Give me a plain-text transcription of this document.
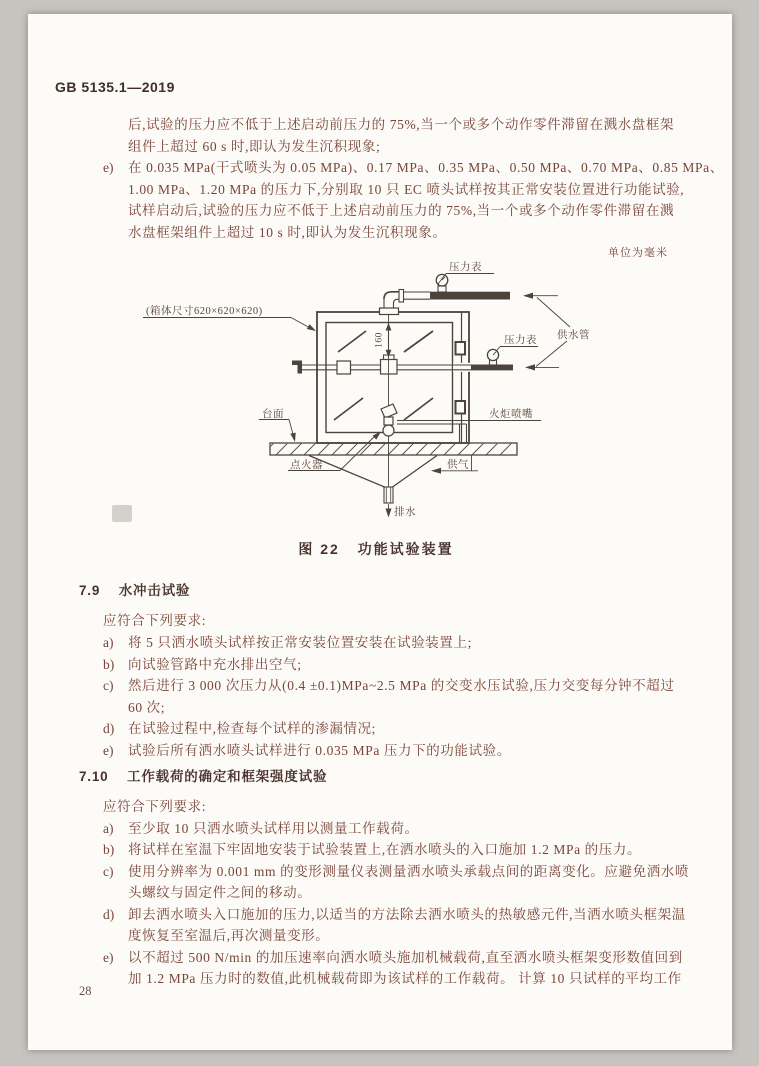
GB 5135.1—2019
后,试验的压力应不低于上述启动前压力的 75%,当一个或多个动作零件滞留在溅水盘框架
组件上超过 60 s 时,即认为发生沉积现象;
e) 在 0.035 MPa(干式喷头为 0.05 MPa)、0.17 MPa、0.35 MPa、0.50 MPa、0.70 MPa、0.85 MPa、
1.00 MPa、1.20 MPa 的压力下,分别取 10 只 EC 喷头试样按其正常安装位置进行功能试验,
试样启动后,试验的压力应不低于上述启动前压力的 75%,当一个或多个动作零件滞留在溅
水盘框架组件上超过 10 s 时,即认为发生沉积现象。
单位为毫米
160
压力表
压力表 供水管
(箱体尺寸620×620×620)
火炬喷嘴
供气
台面
点火器
排水
图 22 功能试验装置
7.9 水冲击试验
应符合下列要求:
a) 将 5 只洒水喷头试样按正常安装位置安装在试验装置上;
b) 向试验管路中充水排出空气;
c) 然后进行 3 000 次压力从(0.4 ±0.1)MPa~2.5 MPa 的交变水压试验,压力交变每分钟不超过
60 次;
d) 在试验过程中,检查每个试样的渗漏情况;
e) 试验后所有洒水喷头试样进行 0.035 MPa 压力下的功能试验。
7.10 工作载荷的确定和框架强度试验
应符合下列要求:
a) 至少取 10 只洒水喷头试样用以测量工作载荷。
b) 将试样在室温下牢固地安装于试验装置上,在洒水喷头的入口施加 1.2 MPa 的压力。
c) 使用分辨率为 0.001 mm 的变形测量仪表测量洒水喷头承载点间的距离变化。应避免洒水喷
头螺纹与固定件之间的移动。
d) 卸去洒水喷头入口施加的压力,以适当的方法除去洒水喷头的热敏感元件,当洒水喷头框架温
度恢复至室温后,再次测量变形。
e) 以不超过 500 N/min 的加压速率向洒水喷头施加机械载荷,直至洒水喷头框架变形数值回到
加 1.2 MPa 压力时的数值,此机械载荷即为该试样的工作载荷。 计算 10 只试样的平均工作
28
